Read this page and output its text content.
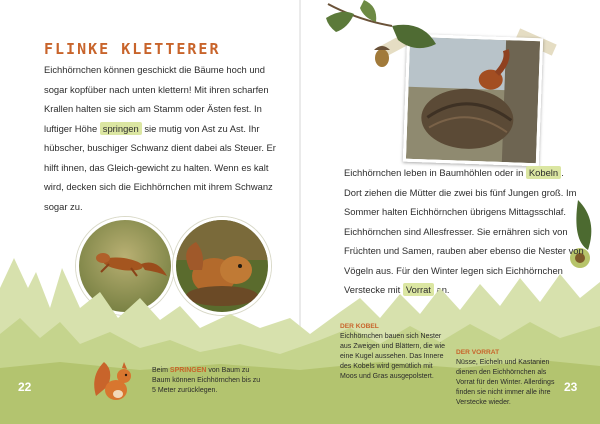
FLINKE KLETTERER

Eichhörnchen können geschickt die Bäume hoch und sogar kopfüber nach unten klettern! Mit ihren scharfen Krallen halten sie sich am Stamm oder Ästen fest. In luftiger Höhe springen sie mutig von Ast zu Ast. Ihr hübscher, buschiger Schwanz dient dabei als Steuer. Er hilft ihnen, das Gleich-gewicht zu halten. Wenn es kalt wird, decken sich die Eichhörnchen mit ihrem Schwanz sogar zu.

Eichhörnchen leben in Baumhöhlen oder in Kobeln . Dort ziehen die Mütter die zwei bis fünf Jungen groß. Im Sommer halten Eichhörnchen übrigens Mittagsschlaf. Eichhörnchen sind Allesfresser. Sie ernähren sich von Früchten und Samen, rauben aber ebenso die Nester von Vögeln aus. Für den Winter legen sich Eichhörnchen Verstecke mit Vorrat an.

Beim SPRINGEN von Baum zu Baum können Eichhörnchen bis zu 5 Meter zurücklegen.

DER KOBEL
Eichhörnchen bauen sich Nester aus Zweigen und Blättern, die wie eine Kugel aussehen. Das Innere des Kobels wird gemütlich mit Moos und Gras ausgepolstert.

DER VORRAT
Nüsse, Eicheln und Kastanien dienen den Eichhörnchen als Vorrat für den Winter. Allerdings finden sie nicht immer alle ihre Verstecke wieder.

22	23
